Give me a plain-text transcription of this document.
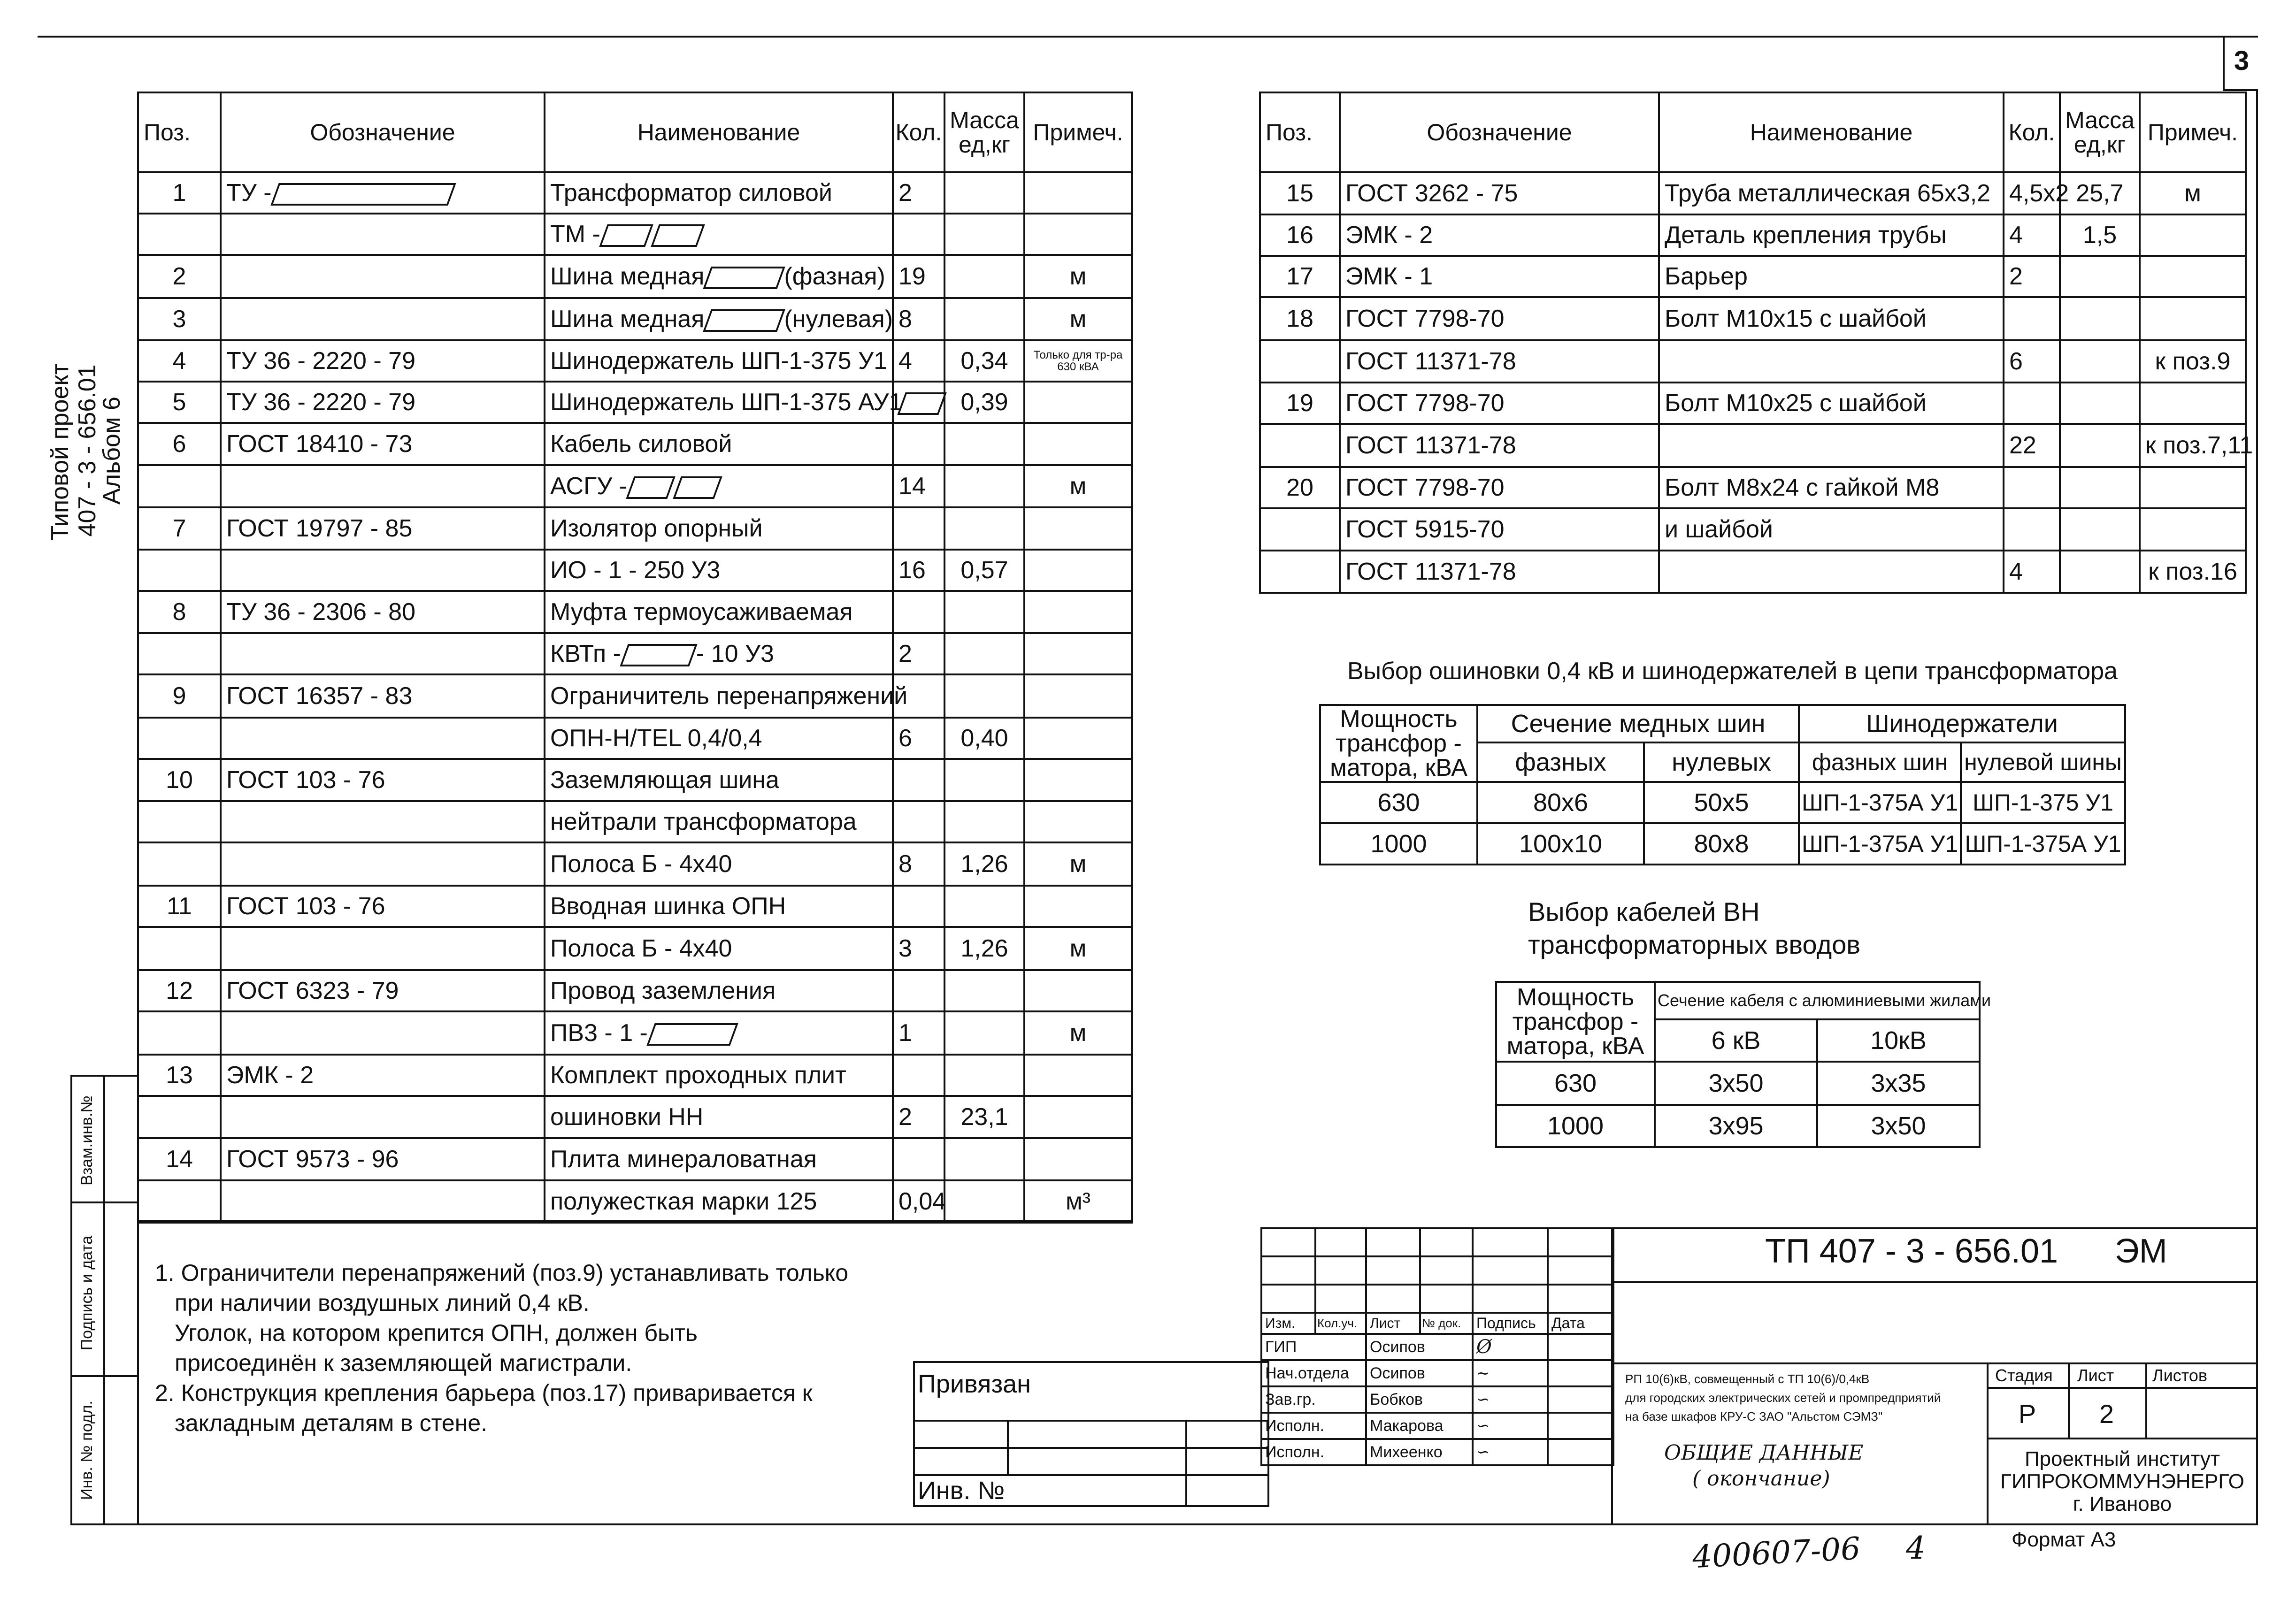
3
Типовой проект 407 - 3 - 656.01
Альбом 6
Поз.	Обозначение	Наименование	Кол.	Масса ед,кг	Примеч.
1	ТУ -	Трансформатор силовой	2		
		ТМ -			
2		Шина медная (фазная)	19		м
3		Шина медная (нулевая)	8		м
4	ТУ 36 - 2220 - 79	Шинодержатель ШП-1-375 У1	4	0,34	Только для тр-ра 630 кВА
5	ТУ 36 - 2220 - 79	Шинодержатель ШП-1-375 АУ1		0,39	
6	ГОСТ 18410 - 73	Кабель силовой			
		АСГУ -	14		м
7	ГОСТ 19797 - 85	Изолятор опорный			
		ИО - 1 - 250 У3	16	0,57	
8	ТУ 36 - 2306 - 80	Муфта термоусаживаемая			
		КВТп - - 10 У3	2		
9	ГОСТ 16357 - 83	Ограничитель перенапряжений			
		ОПН-Н/TEL 0,4/0,4	6	0,40	
10	ГОСТ 103 - 76	Заземляющая шина			
		нейтрали трансформатора			
		Полоса Б - 4х40	8	1,26	м
11	ГОСТ 103 - 76	Вводная шинка ОПН			
		Полоса Б - 4х40	3	1,26	м
12	ГОСТ 6323 - 79	Провод заземления			
		ПВ3 - 1 -	1		м
13	ЭМК - 2	Комплект проходных плит			
		ошиновки НН	2	23,1	
14	ГОСТ 9573 - 96	Плита минераловатная			
		полужесткая марки 125	0,04		м³
Поз.	Обозначение	Наименование	Кол.	Масса ед,кг	Примеч.
15	ГОСТ 3262 - 75	Труба металлическая 65х3,2	4,5х2	25,7	м
16	ЭМК - 2	Деталь крепления трубы	4	1,5	
17	ЭМК - 1	Барьер	2		
18	ГОСТ 7798-70	Болт М10х15 с шайбой			
	ГОСТ 11371-78		6		к поз.9
19	ГОСТ 7798-70	Болт М10х25 с шайбой			
	ГОСТ 11371-78		22		к поз.7,11
20	ГОСТ 7798-70	Болт М8х24 с гайкой М8			
	ГОСТ 5915-70	и шайбой			
	ГОСТ 11371-78		4		к поз.16
Выбор ошиновки 0,4 кВ и шинодержателей в цепи трансформатора
Мощность трансфор - матора, кВА	Сечение медных шин		Шинодержатели	
	фазных	нулевых	фазных шин	нулевой шины
630	80х6	50х5	ШП-1-375А У1	ШП-1-375 У1
1000	100х10	80х8	ШП-1-375А У1	ШП-1-375А У1
Выбор кабелей ВН
трансформаторных вводов
Мощность трансфор - матора, кВА	Сечение кабеля с алюминиевыми жилами	
	6 кВ	10кВ
630	3х50	3х35
1000	3х95	3х50
Взам.инв.№
Подпись и дата
Инв. № подл.
1. Ограничители перенапряжений (поз.9) устанавливать только
при наличии воздушных линий 0,4 кВ.
Уголок, на котором крепится ОПН, должен быть
присоединён к заземляющей магистрали.
2. Конструкция крепления барьера (поз.17) приваривается к
закладным деталям в стене.
Привязан		

Инв. №		

Изм.	Кол.уч.	Лист	№ док.	Подпись	Дата
ГИП		Осипов		Ø	
Нач.отдела		Осипов		~	
Зав.гр.		Бобков		∽	
Исполн.		Макарова		∽	
Исполн.		Михеенко		∽	
ТП 407 - 3 - 656.01 ЭМ
РП 10(6)кВ, совмещенный с ТП 10(6)/0,4кВ
для городских электрических сетей и промпредприятий
на базе шкафов КРУ-С ЗАО "Альстом СЭМЗ"
ОБЩИЕ ДАННЫЕ
( окончание)
Стадия Лист Листов
Р	2
Проектный институт
ГИПРОКОММУНЭНЕРГО
г. Иваново
Формат А3
400607-06 4
